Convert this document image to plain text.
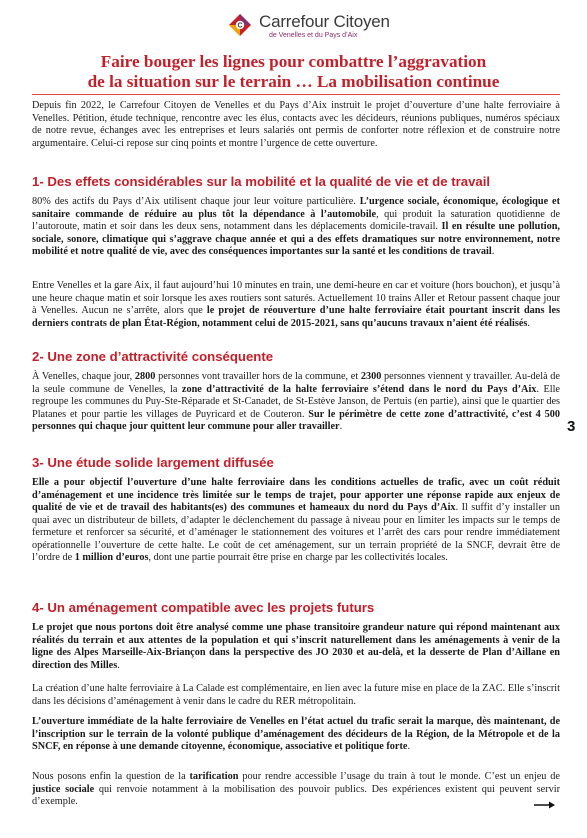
C Carrefour Citoyen
de Venelles et du Pays d’Aix
Faire bouger les lignes pour combattre l’aggravation
de la situation sur le terrain … La mobilisation continue

Depuis fin 2022, le Carrefour Citoyen de Venelles et du Pays d’Aix instruit le projet d’ouverture d’une halte ferroviaire à Venelles. Pétition, étude technique, rencontre avec les élus, contacts avec les décideurs, réunions publiques, numéros spéciaux de notre revue, échanges avec les entreprises et leurs salariés ont permis de conforter notre réflexion et de construire notre argumentaire. Celui-ci repose sur cinq points et montre l’urgence de cette ouverture.

1- Des effets considérables sur la mobilité et la qualité de vie et de travail

80% des actifs du Pays d’Aix utilisent chaque jour leur voiture particulière. L’urgence sociale, économique, écologique et sanitaire commande de réduire au plus tôt la dépendance à l’automobile, qui produit la saturation quotidienne de l’autoroute, matin et soir dans les deux sens, notamment dans les déplacements domicile-travail. Il en résulte une pollution, sociale, sonore, climatique qui s’aggrave chaque année et qui a des effets dramatiques sur notre environnement, notre mobilité et notre qualité de vie, avec des conséquences importantes sur la santé et les conditions de travail.

Entre Venelles et la gare Aix, il faut aujourd’hui 10 minutes en train, une demi-heure en car et voiture (hors bouchon), et jusqu’à une heure chaque matin et soir lorsque les axes routiers sont saturés. Actuellement 10 trains Aller et Retour passent chaque jour à Venelles. Aucun ne s’arrête, alors que le projet de réouverture d’une halte ferroviaire était pourtant inscrit dans les derniers contrats de plan État-Région, notamment celui de 2015-2021, sans qu’aucuns travaux n’aient été réalisés.

2- Une zone d’attractivité conséquente

À Venelles, chaque jour, 2800 personnes vont travailler hors de la commune, et 2300 personnes viennent y travailler. Au-delà de la seule commune de Venelles, la zone d’attractivité de la halte ferroviaire s’étend dans le nord du Pays d’Aix. Elle regroupe les communes du Puy-Ste-Réparade et St-Canadet, de St-Estève Janson, de Pertuis (en partie), ainsi que le quartier des Platanes et pour partie les villages de Puyricard et de Couteron. Sur le périmètre de cette zone d’attractivité, c’est 4 500 personnes qui chaque jour quittent leur commune pour aller travailler.

3- Une étude solide largement diffusée

Elle a pour objectif l’ouverture d’une halte ferroviaire dans les conditions actuelles de trafic, avec un coût réduit d’aménagement et une incidence très limitée sur le temps de trajet, pour apporter une réponse rapide aux enjeux de qualité de vie et de travail des habitants(es) des communes et hameaux du nord du Pays d’Aix. Il suffit d’y installer un quai avec un distributeur de billets, d’adapter le déclenchement du passage à niveau pour en limiter les impacts sur le temps de fermeture et renforcer sa sécurité, et d’aménager le stationnement des voitures et l’arrêt des cars pour rendre immédiatement opérationnelle l’ouverture de cette halte. Le coût de cet aménagement, sur un terrain propriété de la SNCF, devrait être de l’ordre de 1 million d’euros, dont une partie pourrait être prise en charge par les collectivités locales.

4- Un aménagement compatible avec les projets futurs

Le projet que nous portons doit être analysé comme une phase transitoire grandeur nature qui répond maintenant aux réalités du terrain et aux attentes de la population et qui s’inscrit naturellement dans les aménagements à venir de la ligne des Alpes Marseille-Aix-Briançon dans la perspective des JO 2030 et au-delà, et la desserte de Plan d’Aillane en direction des Milles.

La création d’une halte ferroviaire à La Calade est complémentaire, en lien avec la future mise en place de la ZAC. Elle s’inscrit dans les décisions d’aménagement à venir dans le cadre du RER métropolitain.

L’ouverture immédiate de la halte ferroviaire de Venelles en l’état actuel du trafic serait la marque, dès maintenant, de l’inscription sur le terrain de la volonté publique d’aménagement des décideurs de la Région, de la Métropole et de la SNCF, en réponse à une demande citoyenne, économique, associative et politique forte.

Nous posons enfin la question de la tarification pour rendre accessible l’usage du train à tout le monde. C’est un enjeu de justice sociale qui renvoie notamment à la mobilisation des pouvoir publics. Des expériences existent qui peuvent servir d’exemple.

3
